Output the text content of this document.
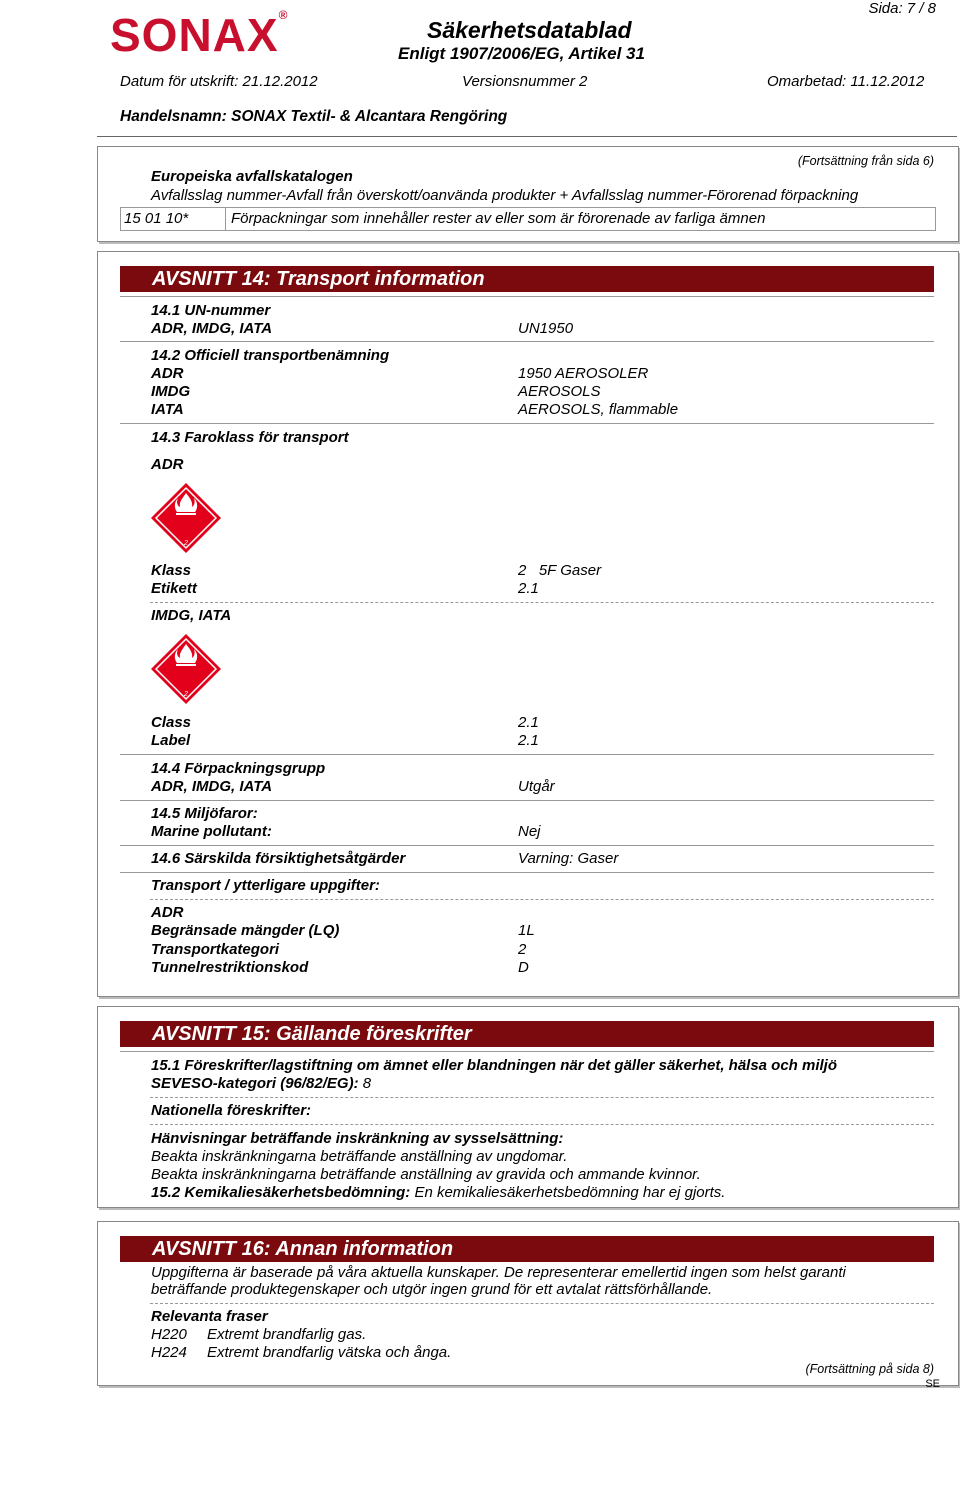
SONAX®	Sida: 7 / 8
Säkerhetsdatablad
Enligt 1907/2006/EG, Artikel 31
Datum för utskrift: 21.12.2012	Versionsnummer 2	Omarbetad: 11.12.2012
Handelsnamn: SONAX Textil- & Alcantara Rengöring
(Fortsättning från sida 6)
Europeiska avfallskatalogen
Avfallsslag nummer-Avfall från överskott/oanvända produkter + Avfallsslag nummer-Förorenad förpackning
15 01 10*	Förpackningar som innehåller rester av eller som är förorenade av farliga ämnen
AVSNITT 14: Transport information
14.1 UN-nummer
ADR, IMDG, IATA	UN1950
14.2 Officiell transportbenämning
ADR	1950 AEROSOLER
IMDG	AEROSOLS
IATA	AEROSOLS, flammable
14.3 Faroklass för transport
ADR
2
Klass	2   5F Gaser
Etikett	2.1
IMDG, IATA
2
Class	2.1
Label	2.1
14.4 Förpackningsgrupp
ADR, IMDG, IATA	Utgår
14.5 Miljöfaror:
Marine pollutant:	Nej
14.6 Särskilda försiktighetsåtgärder	Varning: Gaser
Transport / ytterligare uppgifter:
ADR
Begränsade mängder (LQ)	1L
Transportkategori	2
Tunnelrestriktionskod	D
AVSNITT 15: Gällande föreskrifter
15.1 Föreskrifter/lagstiftning om ämnet eller blandningen när det gäller säkerhet, hälsa och miljö
SEVESO-kategori (96/82/EG): 8
Nationella föreskrifter:
Hänvisningar beträffande inskränkning av sysselsättning:
Beakta inskränkningarna beträffande anställning av ungdomar.
Beakta inskränkningarna beträffande anställning av gravida och ammande kvinnor.
15.2 Kemikaliesäkerhetsbedömning: En kemikaliesäkerhetsbedömning har ej gjorts.
AVSNITT 16: Annan information
Uppgifterna är baserade på våra aktuella kunskaper. De representerar emellertid ingen som helst garanti
beträffande produktegenskaper och utgör ingen grund för ett avtalat rättsförhållande.
Relevanta fraser
H220 Extremt brandfarlig gas.
H224 Extremt brandfarlig vätska och ånga.
(Fortsättning på sida 8)
SE
